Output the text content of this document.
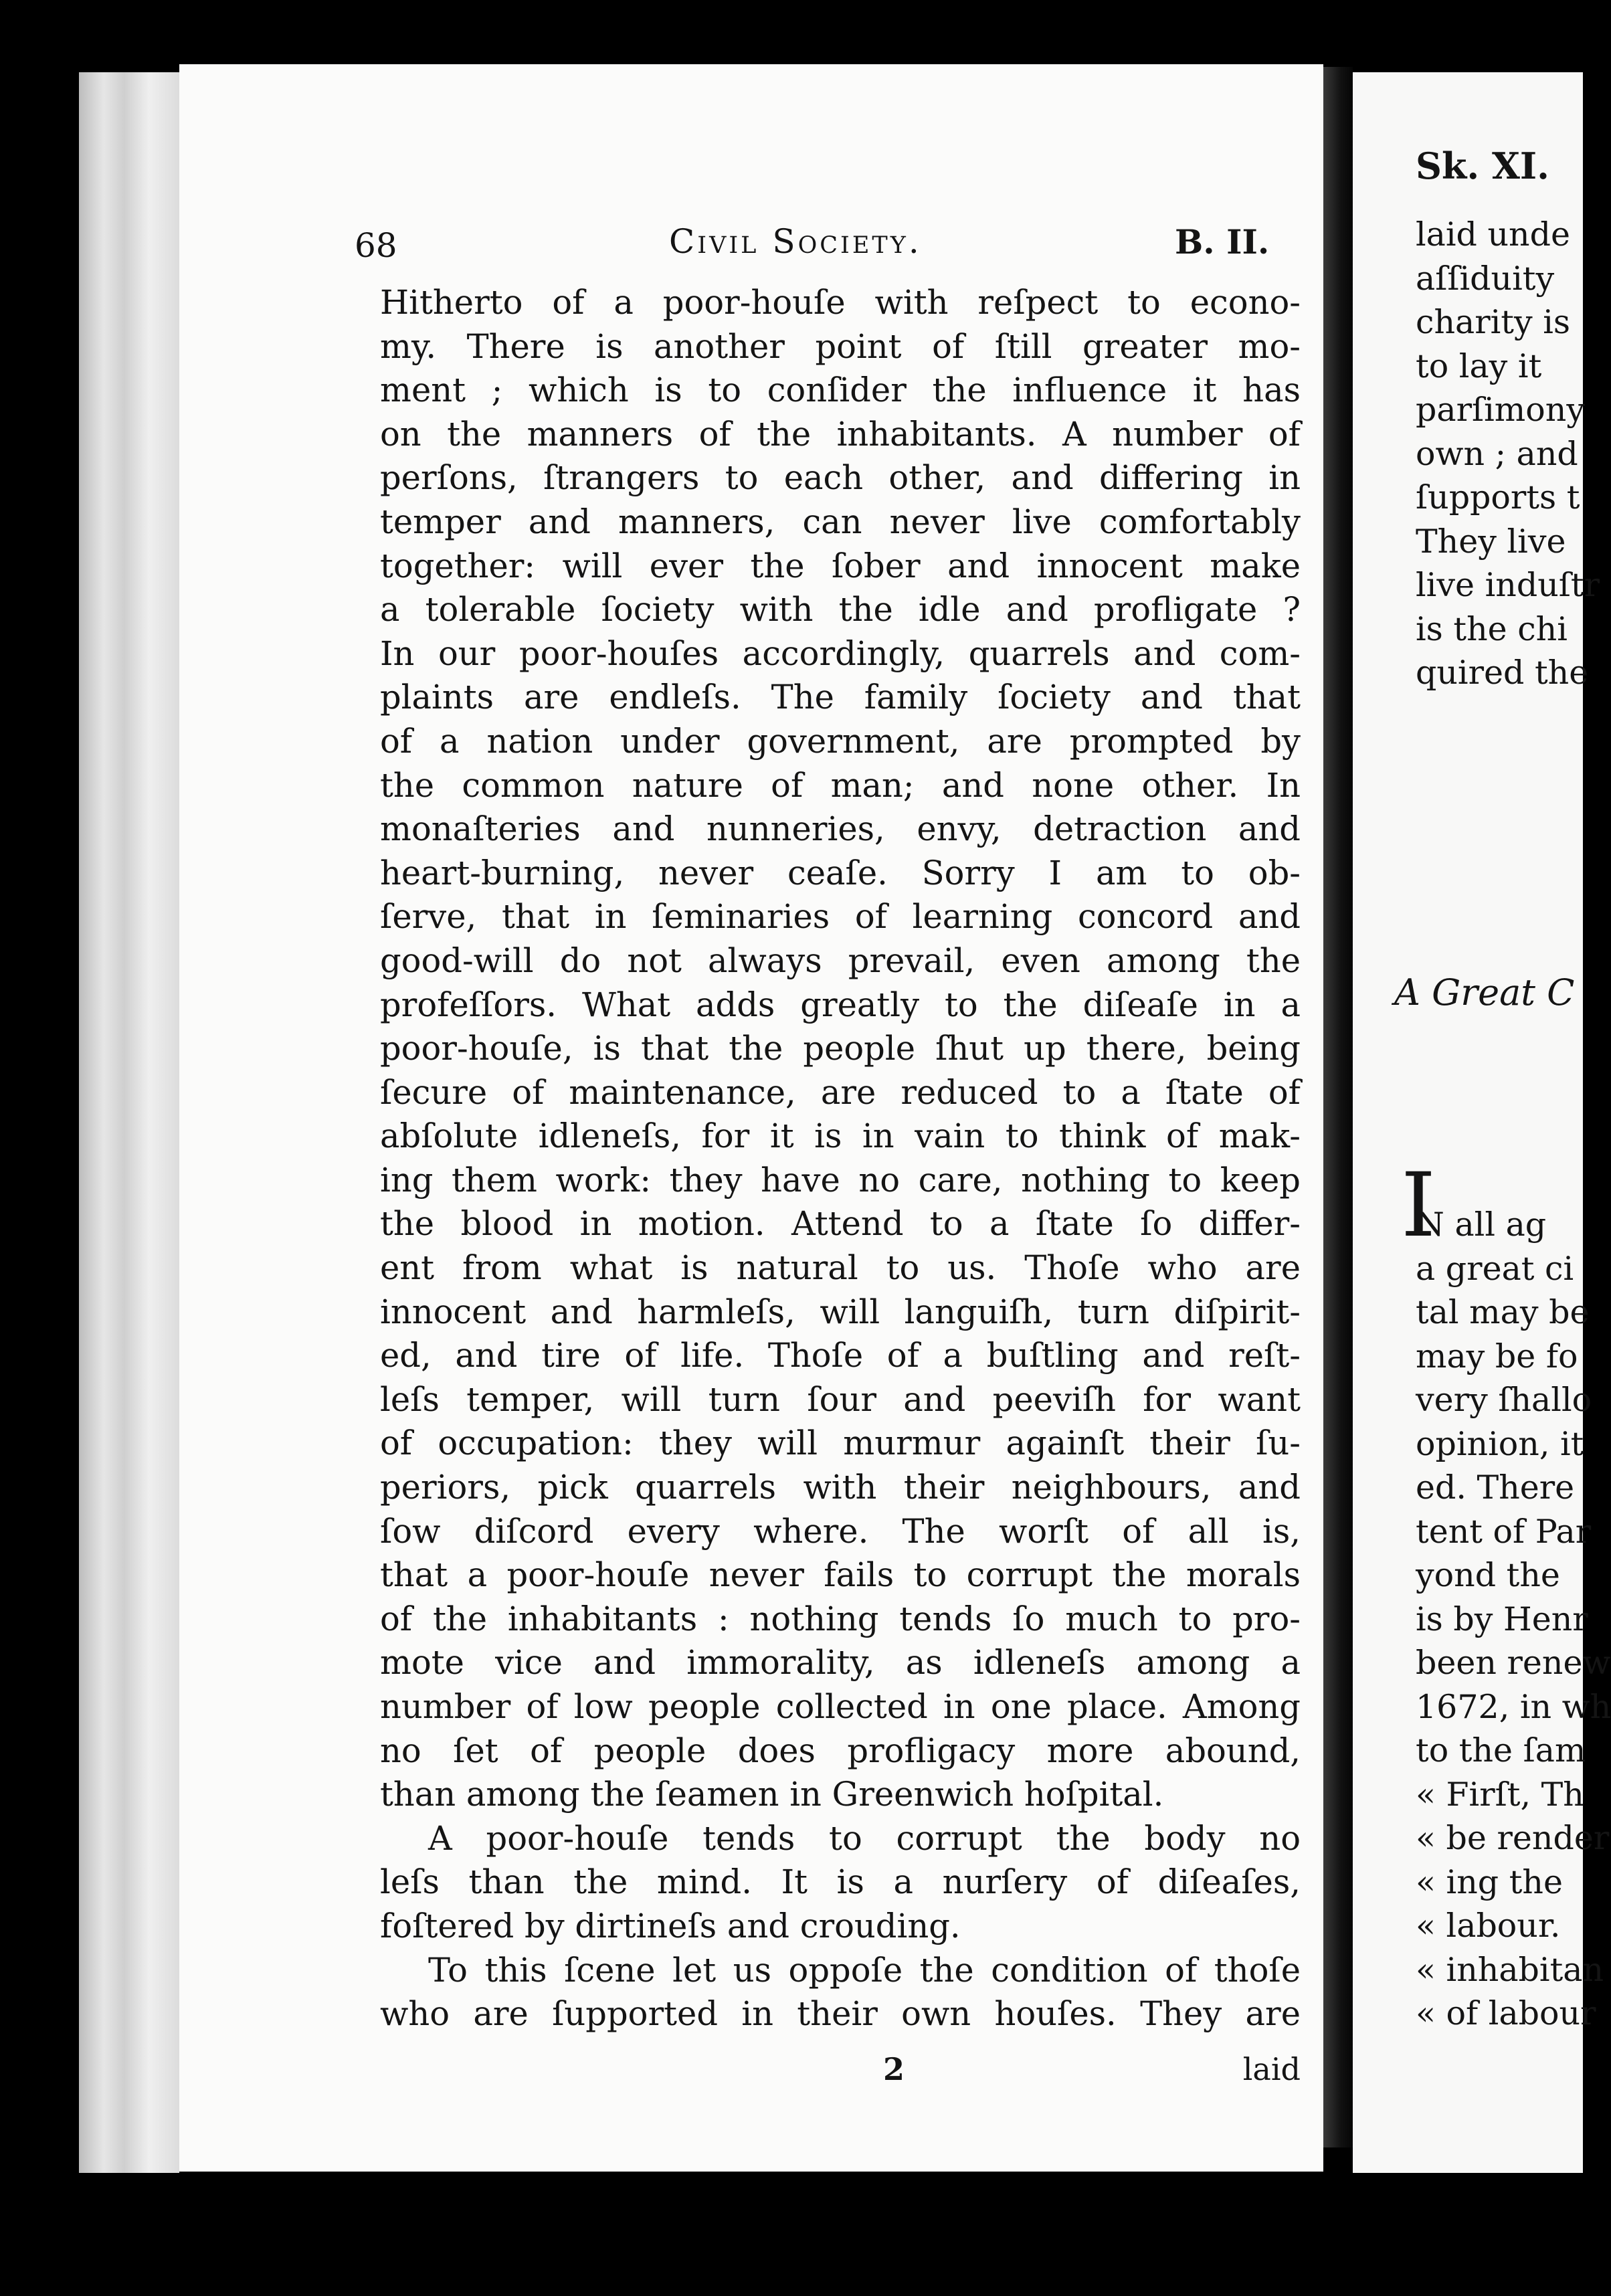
68	Civil Society.	B. II.
Hitherto of a poor-houſe with reſpect to econo-
my. There is another point of ſtill greater mo-
ment ; which is to conſider the influence it has
on the manners of the inhabitants. A number of
perſons, ſtrangers to each other, and differing in
temper and manners, can never live comfortably
together: will ever the ſober and innocent make
a tolerable ſociety with the idle and profligate ?
In our poor-houſes accordingly, quarrels and com-
plaints are endleſs. The family ſociety and that
of a nation under government, are prompted by
the common nature of man; and none other. In
monaſteries and nunneries, envy, detraction and
heart-burning, never ceaſe. Sorry I am to ob-
ſerve, that in ſeminaries of learning concord and
good-will do not always prevail, even among the
profeſſors. What adds greatly to the diſeaſe in a
poor-houſe, is that the people ſhut up there, being
ſecure of maintenance, are reduced to a ſtate of
abſolute idleneſs, for it is in vain to think of mak-
ing them work: they have no care, nothing to keep
the blood in motion. Attend to a ſtate ſo differ-
ent from what is natural to us. Thoſe who are
innocent and harmleſs, will languiſh, turn diſpirit-
ed, and tire of life. Thoſe of a buſtling and reſt-
leſs temper, will turn ſour and peeviſh for want
of occupation: they will murmur againſt their ſu-
periors, pick quarrels with their neighbours, and
ſow diſcord every where. The worſt of all is,
that a poor-houſe never fails to corrupt the morals
of the inhabitants : nothing tends ſo much to pro-
mote vice and immorality, as idleneſs among a
number of low people collected in one place. Among
no ſet of people does profligacy more abound,
than among the ſeamen in Greenwich hoſpital.
A poor-houſe tends to corrupt the body no
leſs than the mind. It is a nurſery of diſeaſes,
foſtered by dirtineſs and crouding.
To this ſcene let us oppoſe the condition of thoſe
who are ſupported in their own houſes. They are
2	laid
Sk. XI.
laid unde
aſſiduity
charity is
to lay it
parſimony
own ; and
ſupports t
They live
live induſtr
is the chi
quired the
A Great C
I
N all ag
a great ci
tal may be
may be fo
very ſhallo
opinion, it
ed. There
tent of Par
yond the
is by Henr
been renew
1672, in wh
to the ſam
« Firſt, Th
« be render
« ing the
« labour.
« inhabitan
« of labour
